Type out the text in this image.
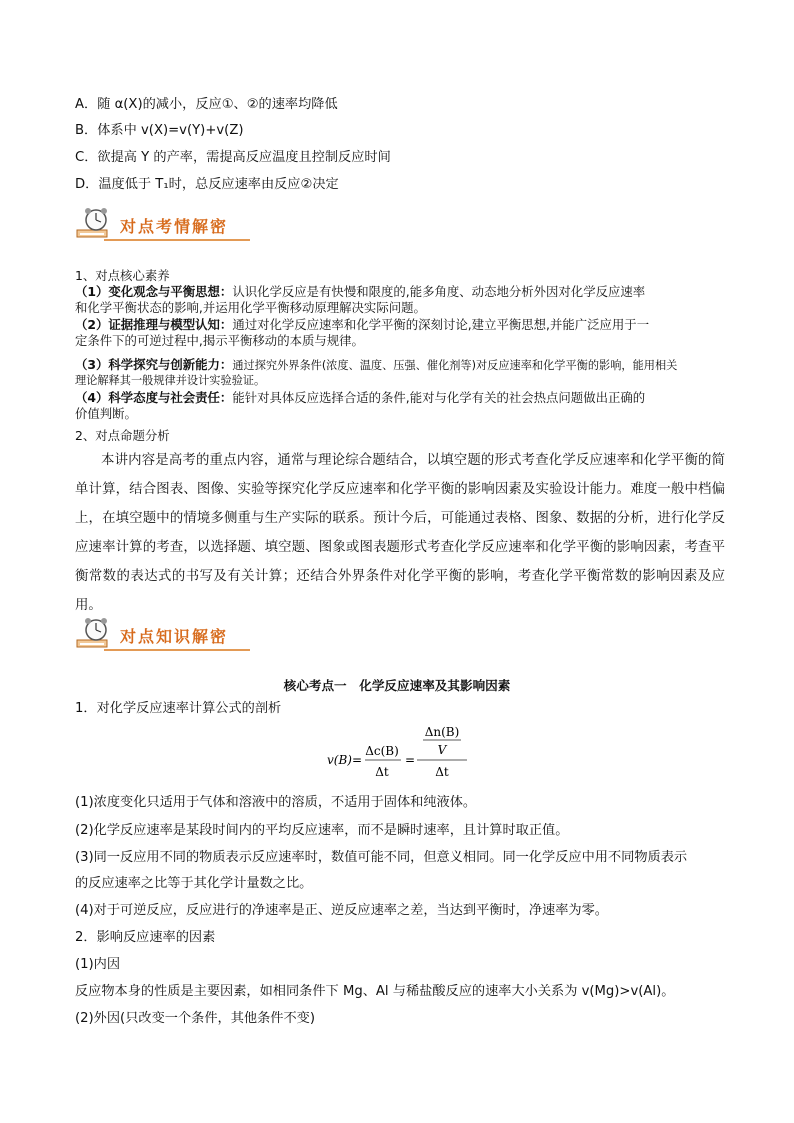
A．随 α(X)的减小，反应①、②的速率均降低
B．体系中 v(X)=v(Y)+v(Z)
C．欲提高 Y 的产率，需提高反应温度且控制反应时间
D．温度低于 T₁时，总反应速率由反应②决定
对点考情解密
1、对点核心素养
（1）变化观念与平衡思想：认识化学反应是有快慢和限度的,能多角度、动态地分析外因对化学反应速率
和化学平衡状态的影响,并运用化学平衡移动原理解决实际问题。
（2）证据推理与模型认知：通过对化学反应速率和化学平衡的深刻讨论,建立平衡思想,并能广泛应用于一
定条件下的可逆过程中,揭示平衡移动的本质与规律。
（3）科学探究与创新能力：通过探究外界条件(浓度、温度、压强、催化剂等)对反应速率和化学平衡的影响，能用相关
理论解释其一般规律并设计实验验证。
（4）科学态度与社会责任：能针对具体反应选择合适的条件,能对与化学有关的社会热点问题做出正确的
价值判断。
2、对点命题分析
本讲内容是高考的重点内容，通常与理论综合题结合，以填空题的形式考查化学反应速率和化学平衡的简单计算，结合图表、图像、实验等探究化学反应速率和化学平衡的影响因素及实验设计能力。难度一般中档偏上，在填空题中的情境多侧重与生产实际的联系。预计今后，可能通过表格、图象、数据的分析，进行化学反应速率计算的考查，以选择题、填空题、图象或图表题形式考查化学反应速率和化学平衡的影响因素，考查平衡常数的表达式的书写及有关计算；还结合外界条件对化学平衡的影响，考查化学平衡常数的影响因素及应用。
对点知识解密
核心考点一　化学反应速率及其影响因素
1．对化学反应速率计算公式的剖析
v(B)=
Δc(B)
Δt
=
Δn(B)
V
Δt
(1)浓度变化只适用于气体和溶液中的溶质，不适用于固体和纯液体。
(2)化学反应速率是某段时间内的平均反应速率，而不是瞬时速率，且计算时取正值。
(3)同一反应用不同的物质表示反应速率时，数值可能不同，但意义相同。同一化学反应中用不同物质表示
的反应速率之比等于其化学计量数之比。
(4)对于可逆反应，反应进行的净速率是正、逆反应速率之差，当达到平衡时，净速率为零。
2．影响反应速率的因素
(1)内因
反应物本身的性质是主要因素，如相同条件下 Mg、Al 与稀盐酸反应的速率大小关系为 v(Mg)>v(Al)。
(2)外因(只改变一个条件，其他条件不变)
